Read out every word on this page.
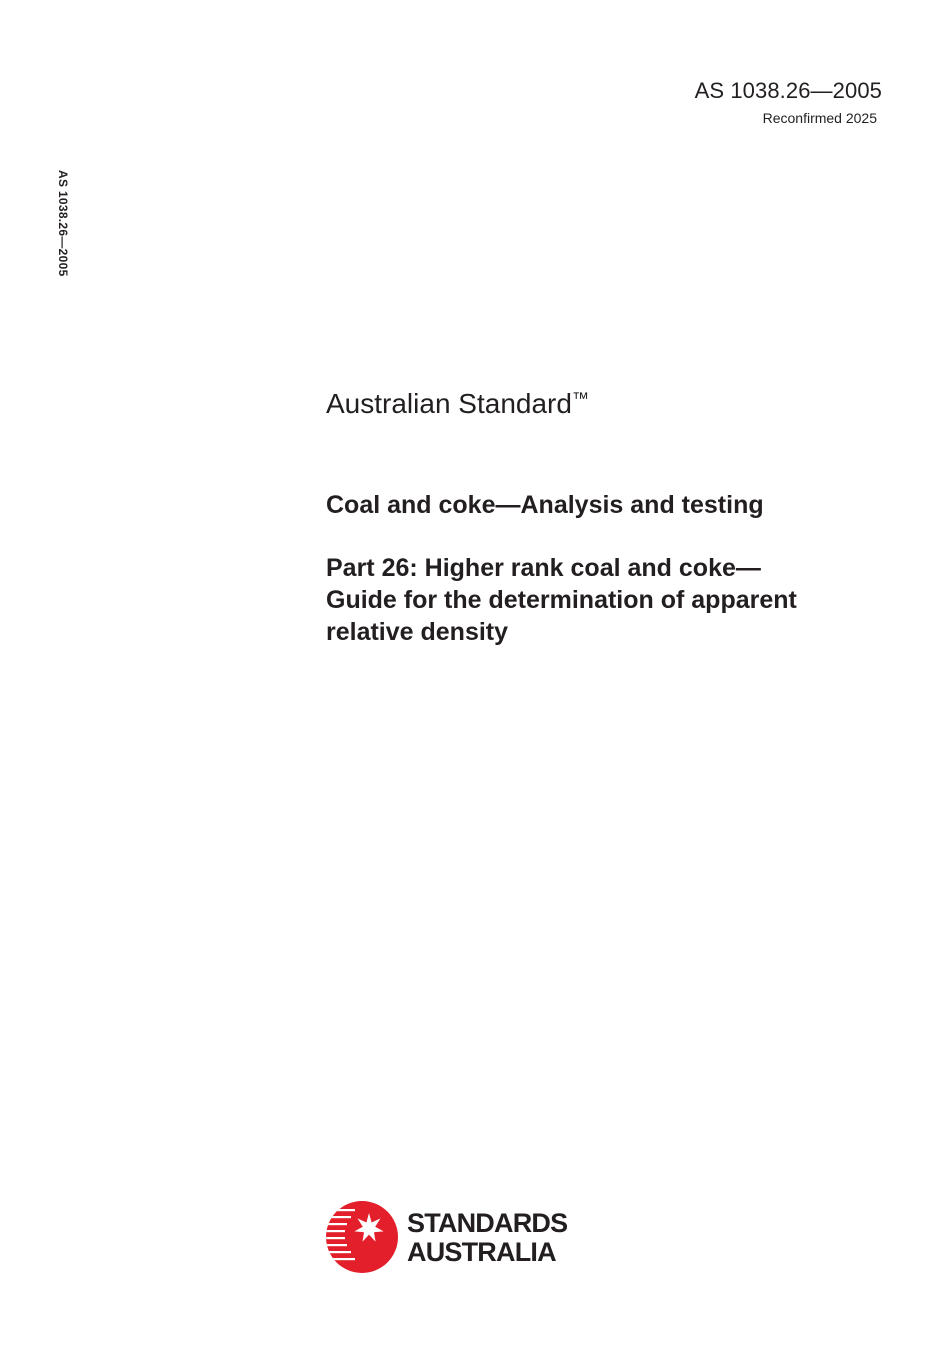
AS 1038.26—2005
Reconfirmed 2025
AS 1038.26—2005
Australian Standard™
Coal and coke—Analysis and testing
Part 26: Higher rank coal and coke—
Guide for the determination of apparent
relative density
STANDARDS
AUSTRALIA
